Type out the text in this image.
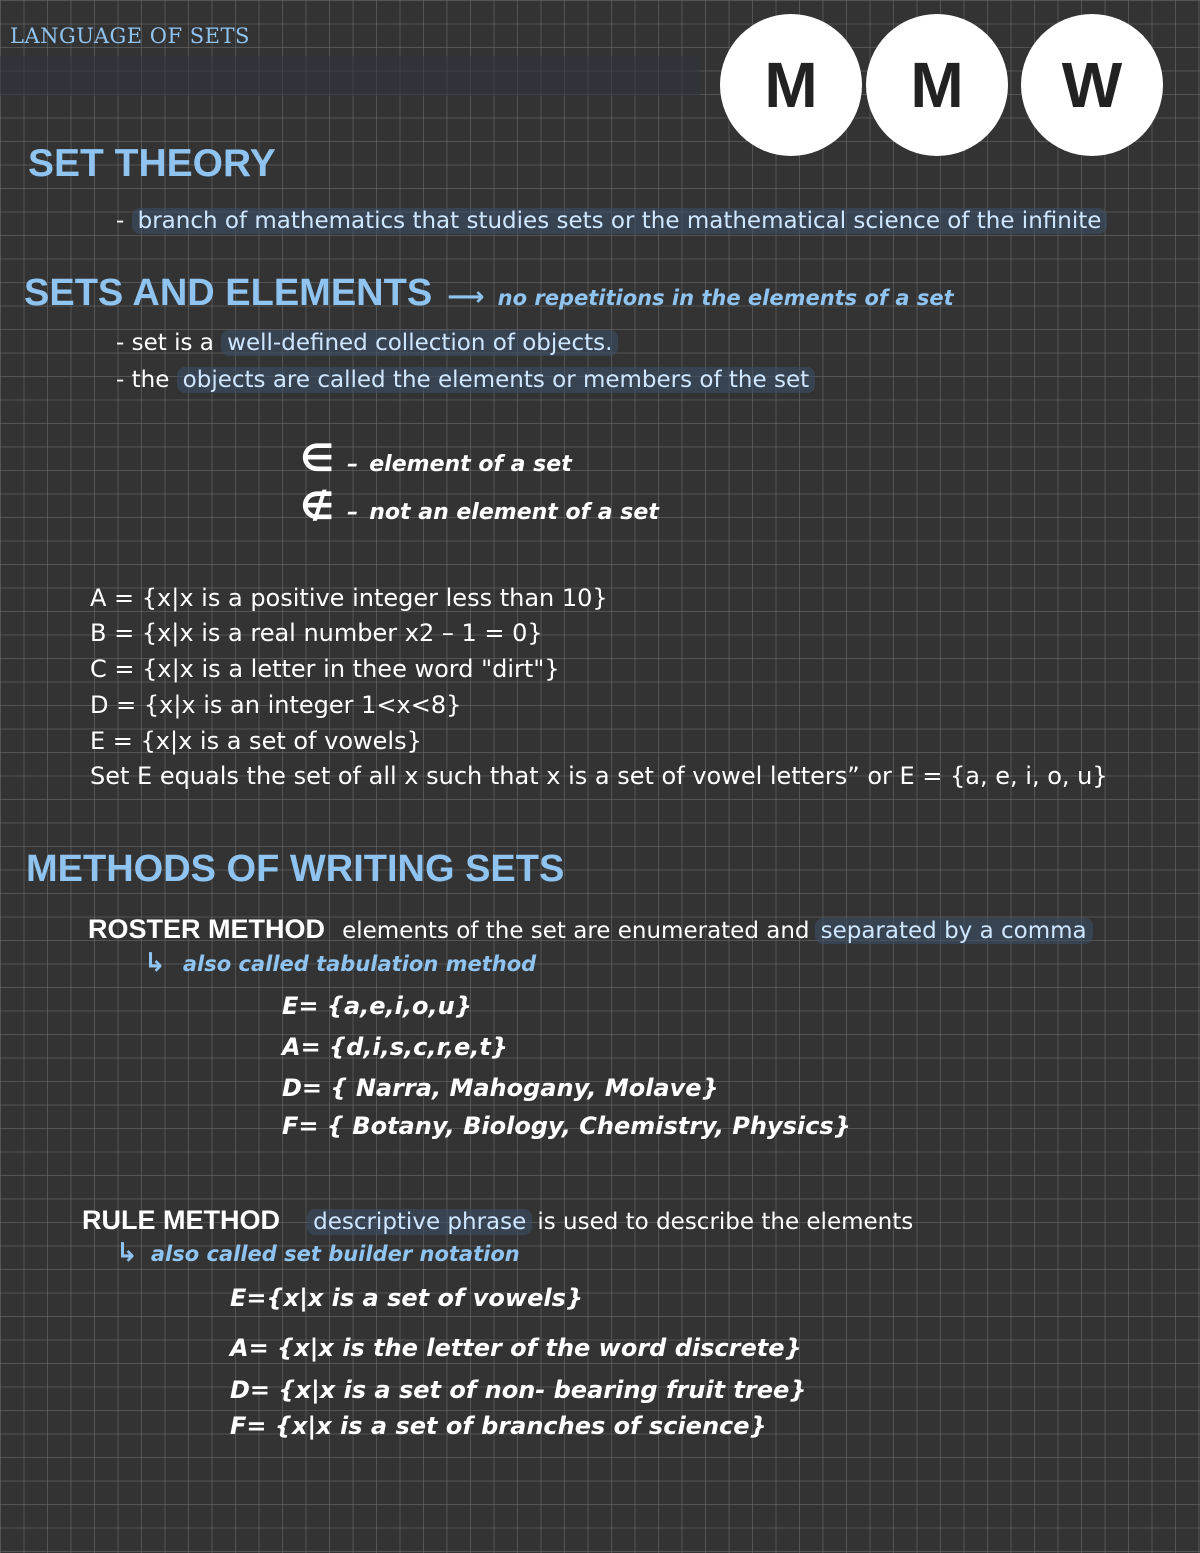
LANGUAGE OF SETS
M	M	W
SET THEORY
- branch of mathematics that studies sets or the mathematical science of the infinite
SETS AND ELEMENTS ⟶ no repetitions in the elements of a set
- set is a well-defined collection of objects.
- the objects are called the elements or members of the set
∈ – element of a set
∉ – not an element of a set
A = {x|x is a positive integer less than 10}
B = {x|x is a real number x2 – 1 = 0}
C = {x|x is a letter in thee word "dirt"}
D = {x|x is an integer 1<x<8}
E = {x|x is a set of vowels}
Set E equals the set of all x such that x is a set of vowel letters” or E = {a, e, i, o, u}
METHODS OF WRITING SETS
ROSTER METHOD elements of the set are enumerated and separated by a comma
↳ also called tabulation method
E= {a,e,i,o,u}
A= {d,i,s,c,r,e,t}
D= { Narra, Mahogany, Molave}
F= { Botany, Biology, Chemistry, Physics}
RULE METHOD descriptive phrase is used to describe the elements
↳ also called set builder notation
E={x|x is a set of vowels}
A= {x|x is the letter of the word discrete}
D= {x|x is a set of non- bearing fruit tree}
F= {x|x is a set of branches of science}
